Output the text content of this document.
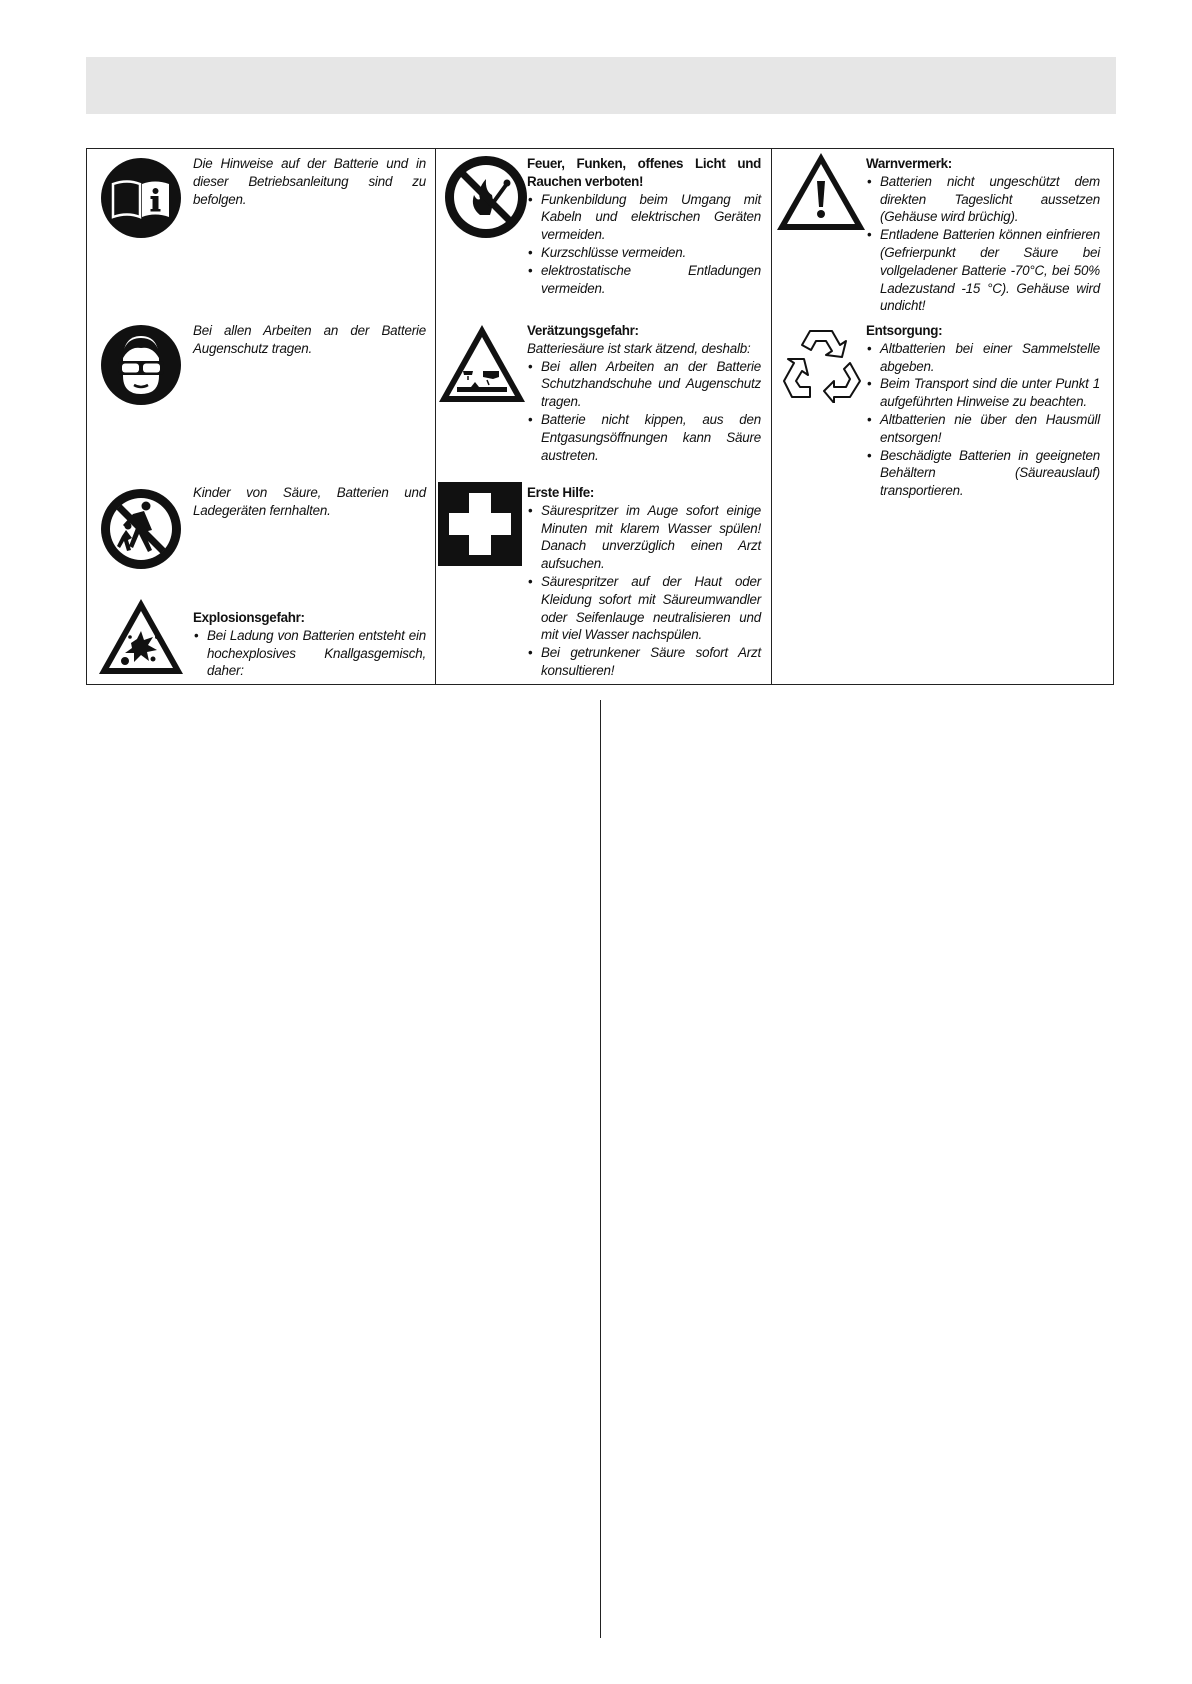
Die Hinweise auf der Batterie und in dieser Betriebsanleitung sind zu befolgen.
Bei allen Arbeiten an der Batterie Augenschutz tragen.
Kinder von Säure, Batterien und Ladegeräten fernhalten.
Explosionsgefahr:
• Bei Ladung von Batterien entsteht ein hochexplosives Knallgasgemisch, daher:
Feuer, Funken, offenes Licht und Rauchen verboten!
• Funkenbildung beim Umgang mit Kabeln und elektrischen Geräten vermeiden.
• Kurzschlüsse vermeiden.
• elektrostatische Entladungen vermeiden.
Verätzungsgefahr:
Batteriesäure ist stark ätzend, deshalb:
• Bei allen Arbeiten an der Batterie Schutzhandschuhe und Augenschutz tragen.
• Batterie nicht kippen, aus den Entgasungsöffnungen kann Säure austreten.
Erste Hilfe:
• Säurespritzer im Auge sofort einige Minuten mit klarem Wasser spülen! Danach unverzüglich einen Arzt aufsuchen.
• Säurespritzer auf der Haut oder Kleidung sofort mit Säureumwandler oder Seifenlauge neutralisieren und mit viel Wasser nachspülen.
• Bei getrunkener Säure sofort Arzt konsultieren!
Warnvermerk:
• Batterien nicht ungeschützt dem direkten Tageslicht aussetzen (Gehäuse wird brüchig).
• Entladene Batterien können einfrieren (Gefrierpunkt der Säure bei vollgeladener Batterie -70°C, bei 50% Ladezustand -15 °C). Gehäuse wird undicht!
Entsorgung:
• Altbatterien bei einer Sammelstelle abgeben.
• Beim Transport sind die unter Punkt 1 aufgeführten Hinweise zu beachten.
• Altbatterien nie über den Hausmüll entsorgen!
• Beschädigte Batterien in geeigneten Behältern (Säureauslauf) transportieren.
